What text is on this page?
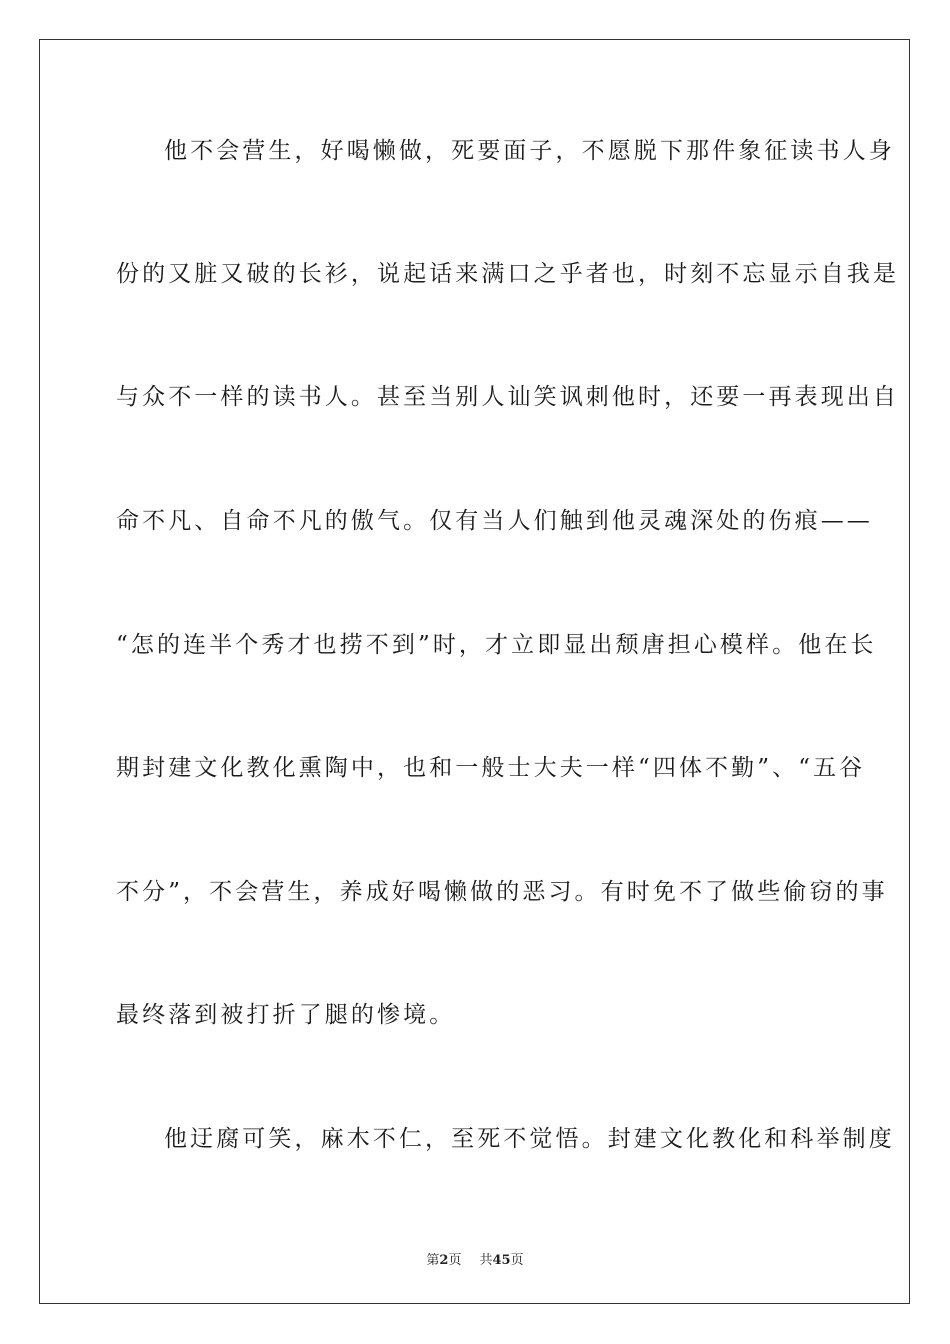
他不会营生，好喝懒做，死要面子，不愿脱下那件象征读书人身
份的又脏又破的长衫，说起话来满口之乎者也，时刻不忘显示自我是
与众不一样的读书人。甚至当别人讪笑讽刺他时，还要一再表现出自
命不凡、自命不凡的傲气。仅有当人们触到他灵魂深处的伤痕——
“怎的连半个秀才也捞不到”时，才立即显出颓唐担心模样。他在长
期封建文化教化熏陶中，也和一般士大夫一样“四体不勤”、“五谷
不分”，不会营生，养成好喝懒做的恶习。有时免不了做些偷窃的事
最终落到被打折了腿的惨境。
他迂腐可笑，麻木不仁，至死不觉悟。封建文化教化和科举制度
第2页 共45页
